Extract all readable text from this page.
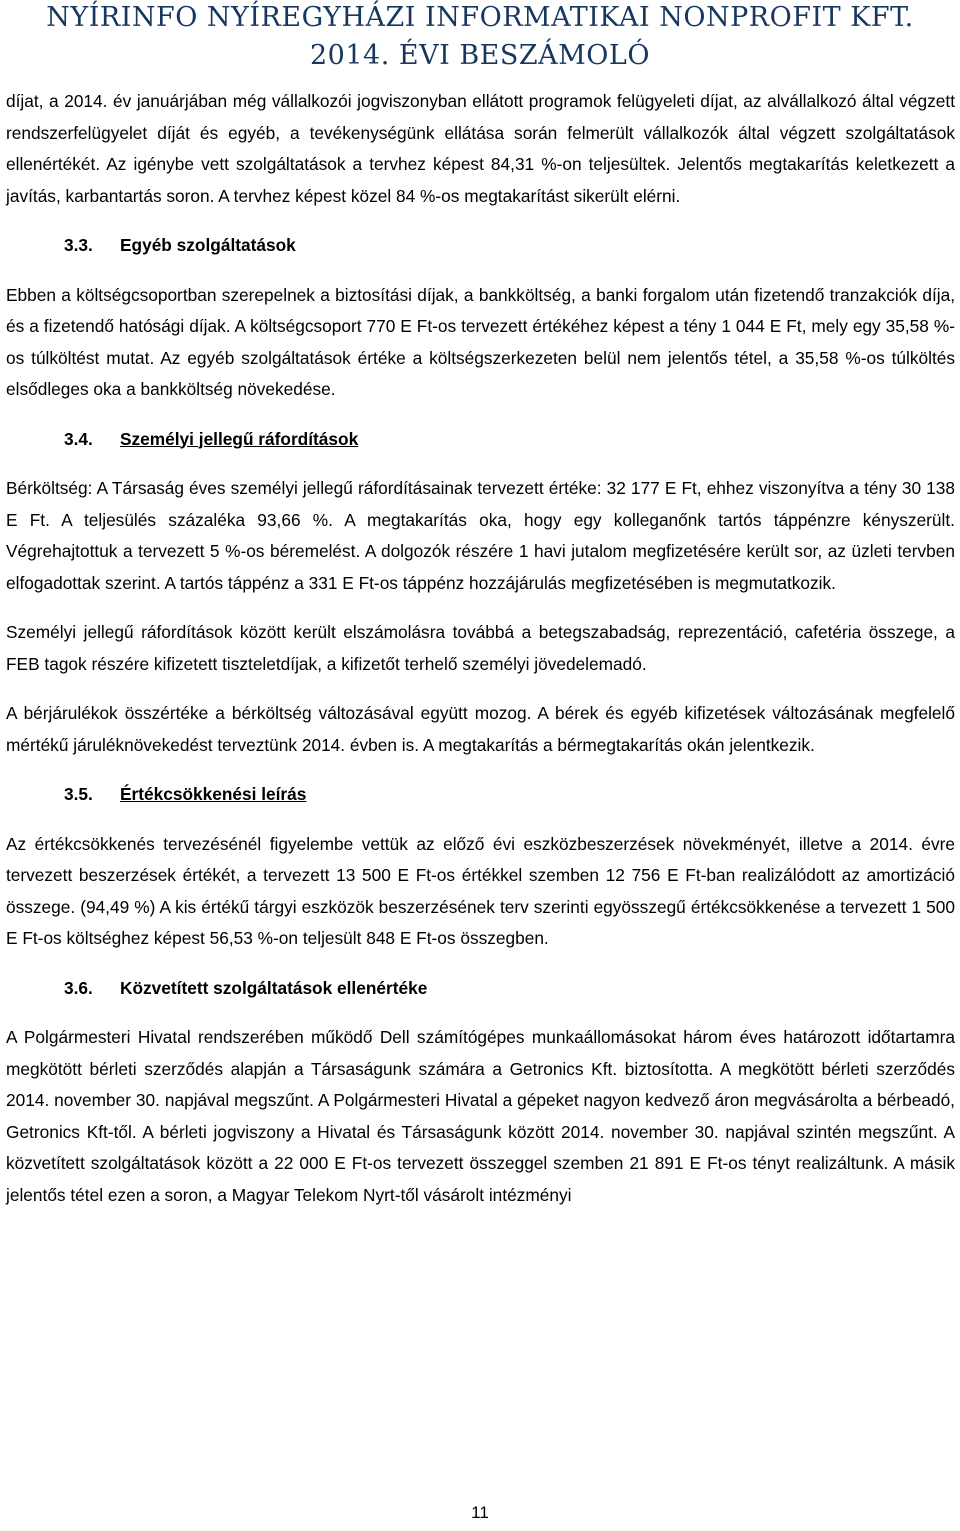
NYÍRINFO NYÍREGYHÁZI INFORMATIKAI NONPROFIT KFT.
2014. ÉVI BESZÁMOLÓ

díjat, a 2014. év januárjában még vállalkozói jogviszonyban ellátott programok felügyeleti díjat, az alvállalkozó által végzett rendszerfelügyelet díját és egyéb, a tevékenységünk ellátása során felmerült vállalkozók által végzett szolgáltatások ellenértékét. Az igénybe vett szolgáltatások a tervhez képest 84,31 %-on teljesültek. Jelentős megtakarítás keletkezett a javítás, karbantartás soron. A tervhez képest közel 84 %-os megtakarítást sikerült elérni.

3.3. Egyéb szolgáltatások

Ebben a költségcsoportban szerepelnek a biztosítási díjak, a bankköltség, a banki forgalom után fizetendő tranzakciók díja, és a fizetendő hatósági díjak. A költségcsoport 770 E Ft-os tervezett értékéhez képest a tény 1 044 E Ft, mely egy 35,58 %-os túlköltést mutat. Az egyéb szolgáltatások értéke a költségszerkezeten belül nem jelentős tétel, a 35,58 %-os túlköltés elsődleges oka a bankköltség növekedése.

3.4. Személyi jellegű ráfordítások

Bérköltség: A Társaság éves személyi jellegű ráfordításainak tervezett értéke: 32 177 E Ft, ehhez viszonyítva a tény 30 138 E Ft. A teljesülés százaléka 93,66 %. A megtakarítás oka, hogy egy kolleganőnk tartós táppénzre kényszerült. Végrehajtottuk a tervezett 5 %-os béremelést. A dolgozók részére 1 havi jutalom megfizetésére került sor, az üzleti tervben elfogadottak szerint. A tartós táppénz a 331 E Ft-os táppénz hozzájárulás megfizetésében is megmutatkozik.

Személyi jellegű ráfordítások között került elszámolásra továbbá a betegszabadság, reprezentáció, cafetéria összege, a FEB tagok részére kifizetett tiszteletdíjak, a kifizetőt terhelő személyi jövedelemadó.

A bérjárulékok összértéke a bérköltség változásával együtt mozog. A bérek és egyéb kifizetések változásának megfelelő mértékű járuléknövekedést terveztünk 2014. évben is. A megtakarítás a bérmegtakarítás okán jelentkezik.

3.5. Értékcsökkenési leírás

Az értékcsökkenés tervezésénél figyelembe vettük az előző évi eszközbeszerzések növekményét, illetve a 2014. évre tervezett beszerzések értékét, a tervezett 13 500 E Ft-os értékkel szemben 12 756 E Ft-ban realizálódott az amortizáció összege. (94,49 %) A kis értékű tárgyi eszközök beszerzésének terv szerinti egyösszegű értékcsökkenése a tervezett 1 500 E Ft-os költséghez képest 56,53 %-on teljesült 848 E Ft-os összegben.

3.6. Közvetített szolgáltatások ellenértéke

A Polgármesteri Hivatal rendszerében működő Dell számítógépes munkaállomásokat három éves határozott időtartamra megkötött bérleti szerződés alapján a Társaságunk számára a Getronics Kft. biztosította. A megkötött bérleti szerződés 2014. november 30. napjával megszűnt. A Polgármesteri Hivatal a gépeket nagyon kedvező áron megvásárolta a bérbeadó, Getronics Kft-től. A bérleti jogviszony a Hivatal és Társaságunk között 2014. november 30. napjával szintén megszűnt. A közvetített szolgáltatások között a 22 000 E Ft-os tervezett összeggel szemben 21 891 E Ft-os tényt realizáltunk. A másik jelentős tétel ezen a soron, a Magyar Telekom Nyrt-től vásárolt intézményi

11
